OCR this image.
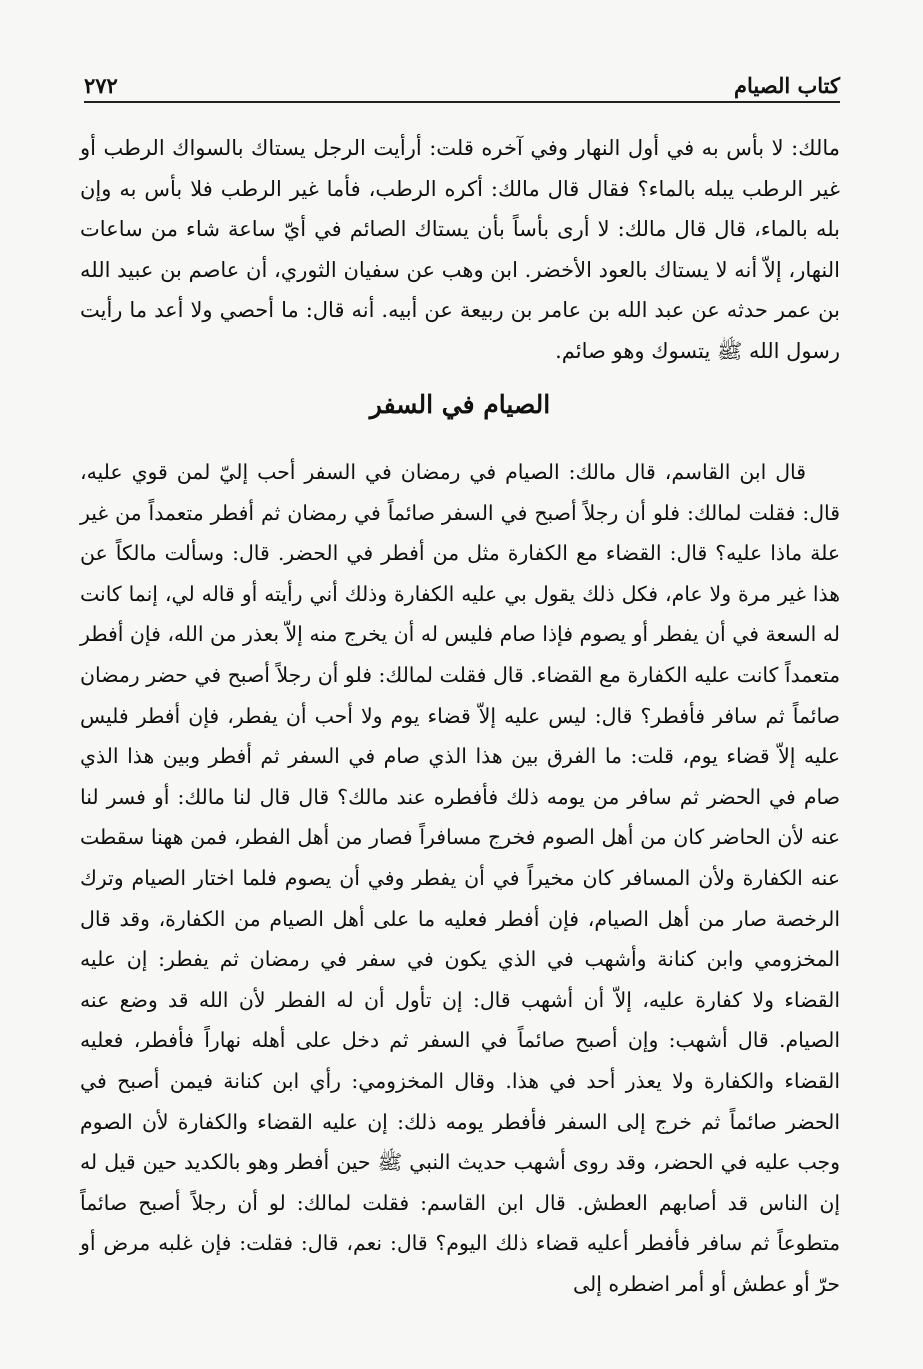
كتاب الصيام
٢٧٢

مالك: لا بأس به في أول النهار وفي آخره قلت: أرأيت الرجل يستاك بالسواك الرطب أو غير الرطب يبله بالماء؟ فقال قال مالك: أكره الرطب، فأما غير الرطب فلا بأس به وإن بله بالماء، قال قال مالك: لا أرى بأساً بأن يستاك الصائم في أيّ ساعة شاء من ساعات النهار، إلاّ أنه لا يستاك بالعود الأخضر. ابن وهب عن سفيان الثوري، أن عاصم بن عبيد الله بن عمر حدثه عن عبد الله بن عامر بن ربيعة عن أبيه. أنه قال: ما أحصي ولا أعد ما رأيت رسول الله ﷺ يتسوك وهو صائم.

الصيام في السفر

قال ابن القاسم، قال مالك: الصيام في رمضان في السفر أحب إليّ لمن قوي عليه، قال: فقلت لمالك: فلو أن رجلاً أصبح في السفر صائماً في رمضان ثم أفطر متعمداً من غير علة ماذا عليه؟ قال: القضاء مع الكفارة مثل من أفطر في الحضر. قال: وسألت مالكاً عن هذا غير مرة ولا عام، فكل ذلك يقول بي عليه الكفارة وذلك أني رأيته أو قاله لي، إنما كانت له السعة في أن يفطر أو يصوم فإذا صام فليس له أن يخرج منه إلاّ بعذر من الله، فإن أفطر متعمداً كانت عليه الكفارة مع القضاء. قال فقلت لمالك: فلو أن رجلاً أصبح في حضر رمضان صائماً ثم سافر فأفطر؟ قال: ليس عليه إلاّ قضاء يوم ولا أحب أن يفطر، فإن أفطر فليس عليه إلاّ قضاء يوم، قلت: ما الفرق بين هذا الذي صام في السفر ثم أفطر وبين هذا الذي صام في الحضر ثم سافر من يومه ذلك فأفطره عند مالك؟ قال قال لنا مالك: أو فسر لنا عنه لأن الحاضر كان من أهل الصوم فخرج مسافراً فصار من أهل الفطر، فمن ههنا سقطت عنه الكفارة ولأن المسافر كان مخيراً في أن يفطر وفي أن يصوم فلما اختار الصيام وترك الرخصة صار من أهل الصيام، فإن أفطر فعليه ما على أهل الصيام من الكفارة، وقد قال المخزومي وابن كنانة وأشهب في الذي يكون في سفر في رمضان ثم يفطر: إن عليه القضاء ولا كفارة عليه، إلاّ أن أشهب قال: إن تأول أن له الفطر لأن الله قد وضع عنه الصيام. قال أشهب: وإن أصبح صائماً في السفر ثم دخل على أهله نهاراً فأفطر، فعليه القضاء والكفارة ولا يعذر أحد في هذا. وقال المخزومي: رأي ابن كنانة فيمن أصبح في الحضر صائماً ثم خرج إلى السفر فأفطر يومه ذلك: إن عليه القضاء والكفارة لأن الصوم وجب عليه في الحضر، وقد روى أشهب حديث النبي ﷺ حين أفطر وهو بالكديد حين قيل له إن الناس قد أصابهم العطش. قال ابن القاسم: فقلت لمالك: لو أن رجلاً أصبح صائماً متطوعاً ثم سافر فأفطر أعليه قضاء ذلك اليوم؟ قال: نعم، قال: فقلت: فإن غلبه مرض أو حرّ أو عطش أو أمر اضطره إلى
